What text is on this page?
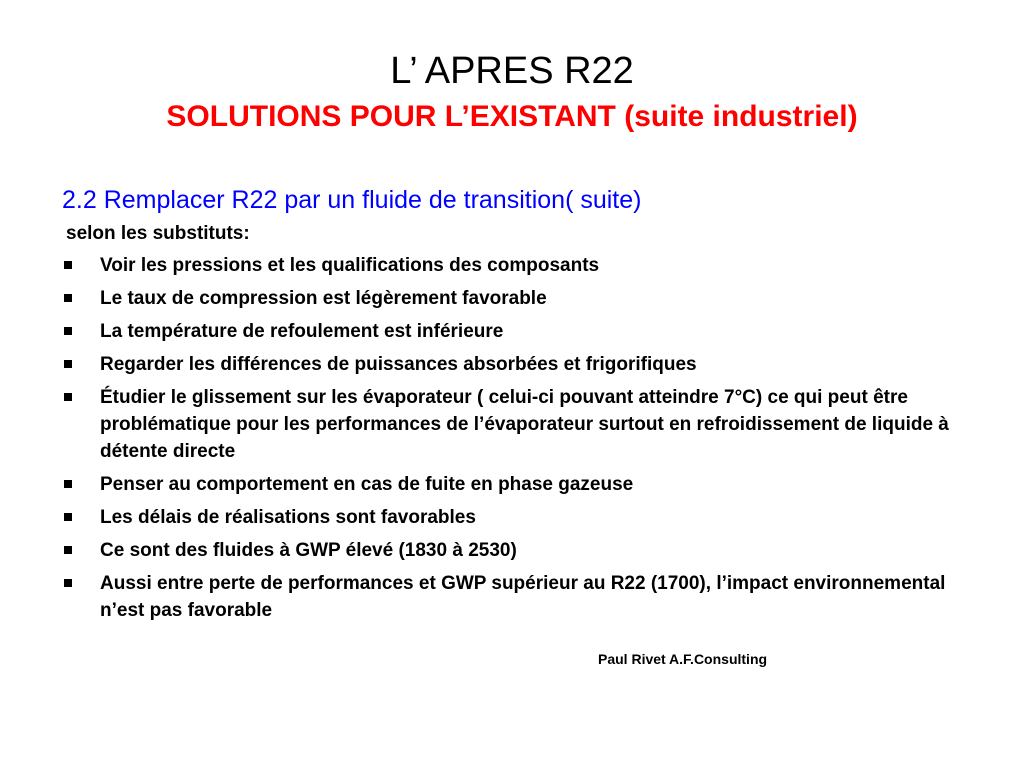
L’ APRES R22
SOLUTIONS POUR L’EXISTANT (suite industriel)

2.2 Remplacer R22 par un fluide de transition( suite)

selon les substituts:

Voir les pressions et les qualifications des composants
Le taux de compression est légèrement favorable
La température de refoulement est inférieure
Regarder les différences de puissances absorbées et frigorifiques
Étudier le glissement sur les évaporateur ( celui-ci pouvant atteindre 7°C) ce qui peut être problématique pour les performances de l’évaporateur surtout en refroidissement de liquide à détente directe
Penser au comportement en cas de fuite en phase gazeuse
Les délais de réalisations sont favorables
Ce sont des fluides à GWP élevé (1830 à 2530)
Aussi entre perte de performances et GWP supérieur au R22 (1700), l’impact environnemental n’est pas favorable
Paul Rivet A.F.Consulting
